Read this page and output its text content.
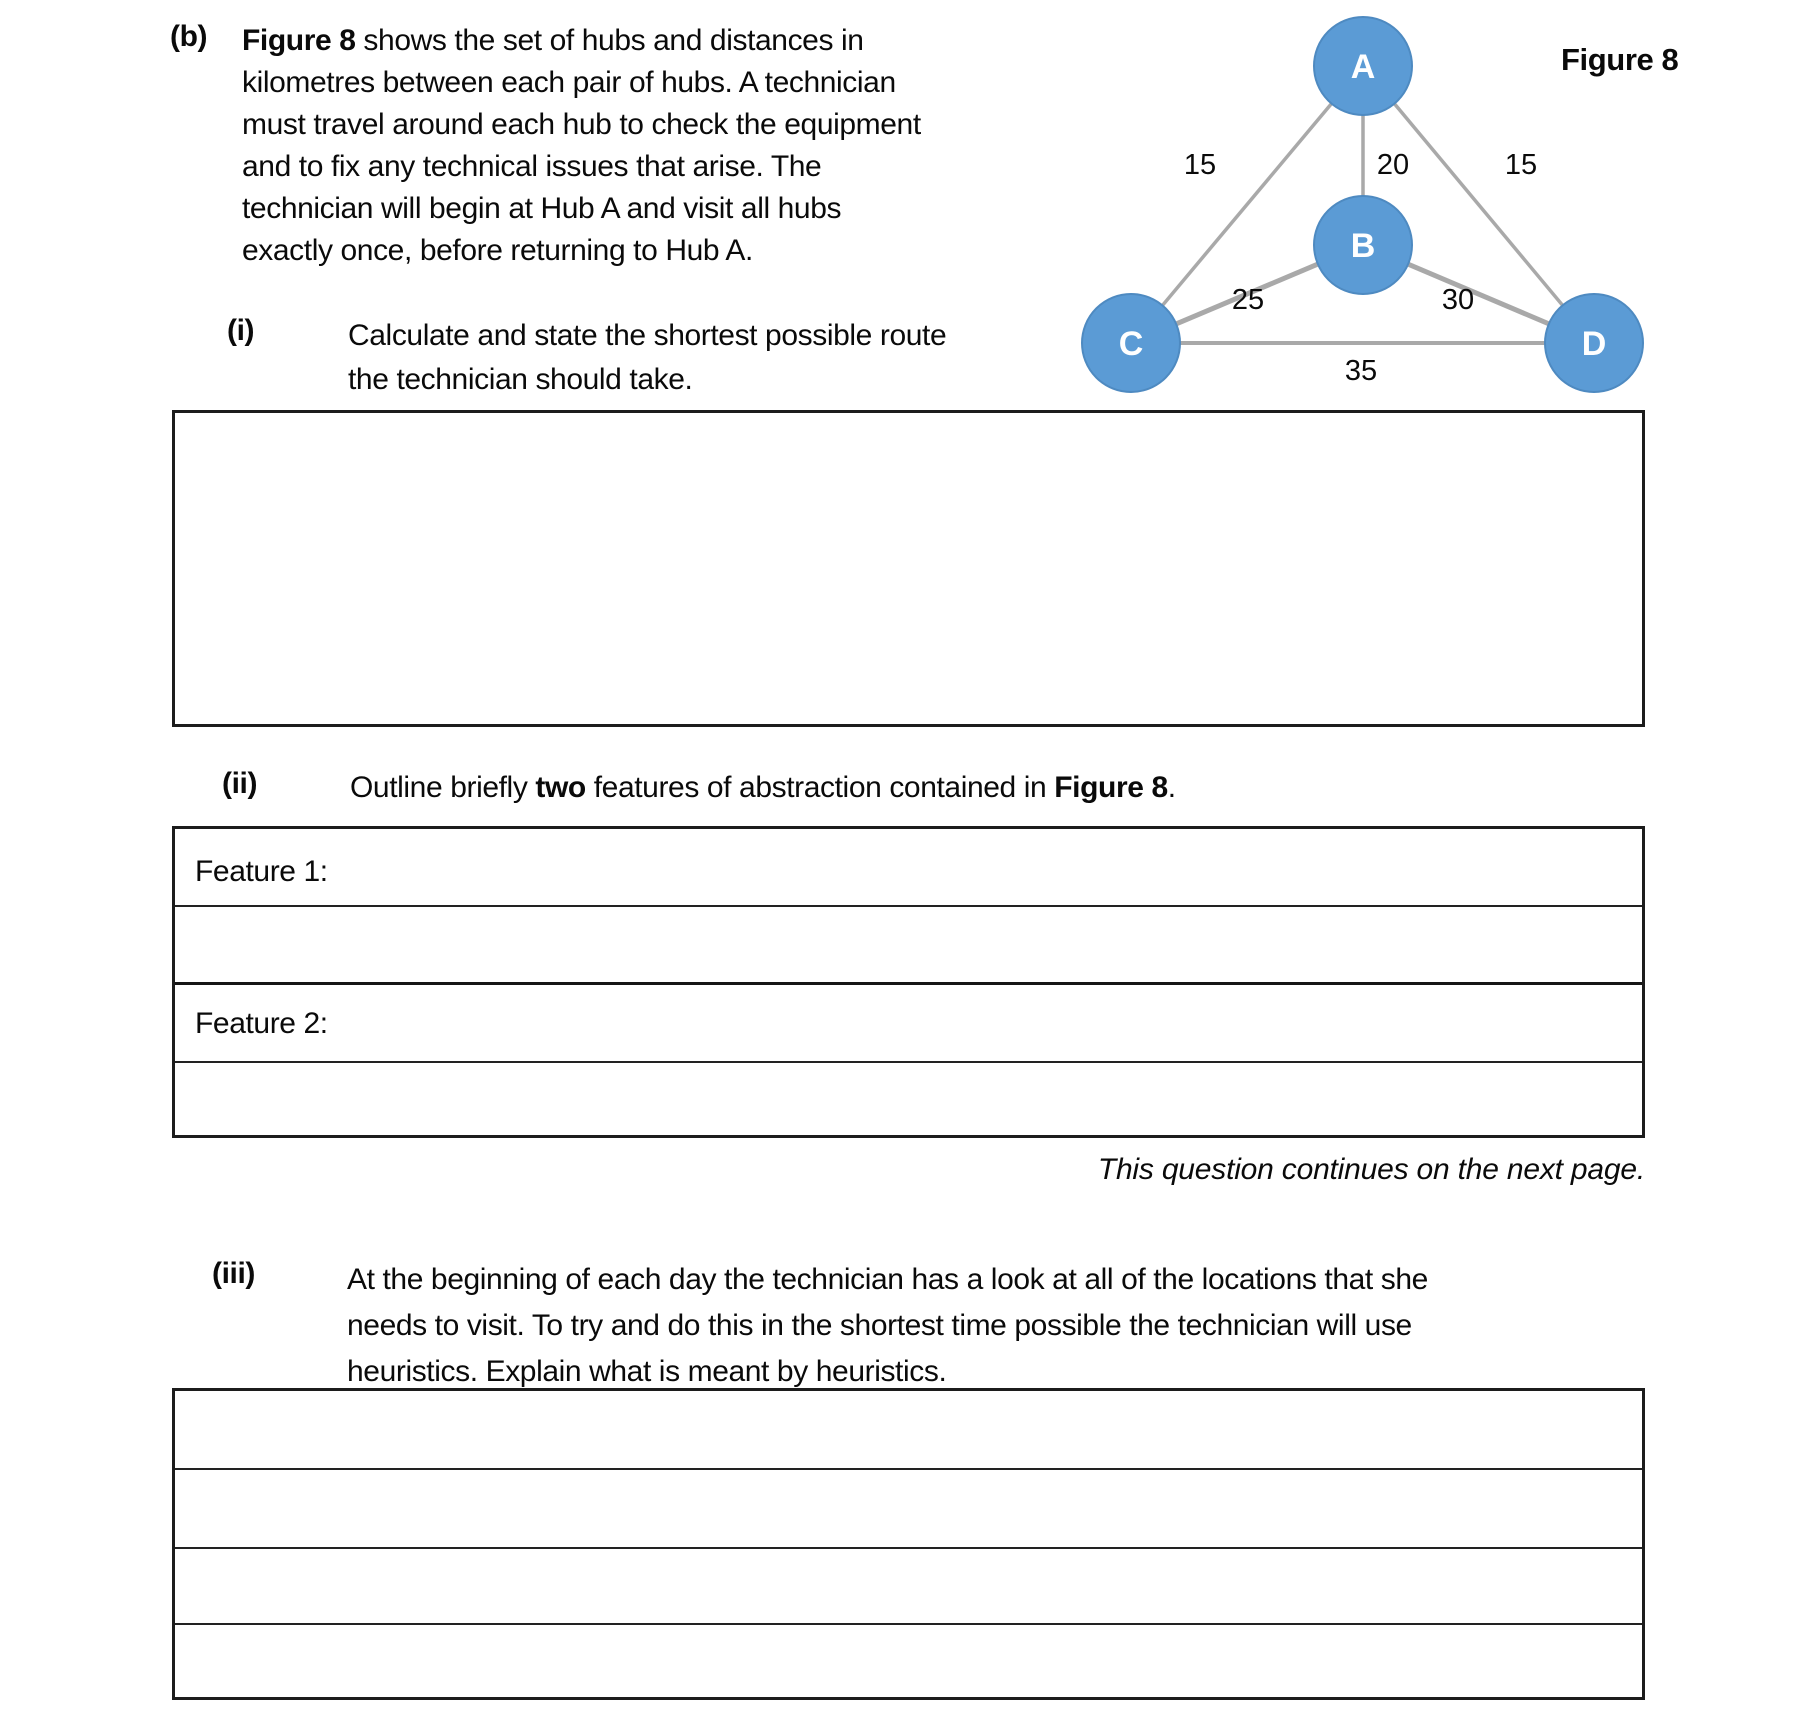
(b) Figure 8 shows the set of hubs and distances in
kilometres between each pair of hubs. A technician
must travel around each hub to check the equipment
and to fix any technical issues that arise. The
technician will begin at Hub A and visit all hubs
exactly once, before returning to Hub A.
(i)	Calculate and state the shortest possible route
the technician should take.
15	20	15
25	30
35
A
B
C	D
Figure 8
(ii)	Outline briefly two features of abstraction contained in Figure 8.
Feature 1:
Feature 2:
This question continues on the next page.
(iii)	At the beginning of each day the technician has a look at all of the locations that she
needs to visit. To try and do this in the shortest time possible the technician will use
heuristics. Explain what is meant by heuristics.
